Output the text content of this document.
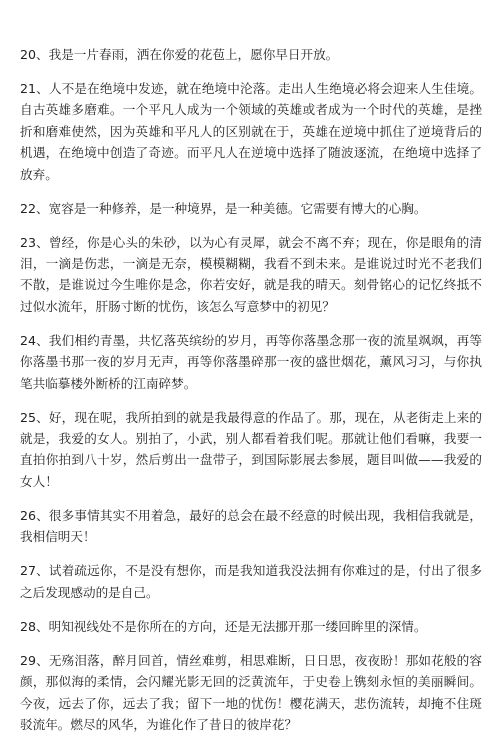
20、我是一片春雨，洒在你爱的花苞上，愿你早日开放。

21、人不是在绝境中发迹，就在绝境中沦落。走出人生绝境必将会迎来人生佳境。自古英雄多磨难。一个平凡人成为一个领域的英雄或者成为一个时代的英雄，是挫折和磨难使然，因为英雄和平凡人的区别就在于，英雄在逆境中抓住了逆境背后的机遇，在绝境中创造了奇迹。而平凡人在逆境中选择了随波逐流，在绝境中选择了放弃。

22、宽容是一种修养，是一种境界，是一种美德。它需要有博大的心胸。

23、曾经，你是心头的朱砂，以为心有灵犀，就会不离不弃；现在，你是眼角的清泪，一滴是伤悲，一滴是无奈，模模糊糊，我看不到未来。是谁说过时光不老我们不散，是谁说过今生唯你是念，你若安好，就是我的晴天。刻骨铭心的记忆终抵不过似水流年，肝肠寸断的忧伤，该怎么写意梦中的初见？

24、我们相约青墨，共忆落英缤纷的岁月，再等你落墨念那一夜的流星飒飒，再等你落墨书那一夜的岁月无声，再等你落墨碎那一夜的盛世烟花，薰风习习，与你执笔共临摹楼外断桥的江南碎梦。

25、好，现在呢，我所拍到的就是我最得意的作品了。那，现在，从老街走上来的就是，我爱的女人。别拍了，小武，别人都看着我们呢。那就让他们看嘛，我要一直拍你拍到八十岁，然后剪出一盘带子，到国际影展去参展，题目叫做——我爱的女人！

26、很多事情其实不用着急，最好的总会在最不经意的时候出现，我相信我就是，我相信明天！

27、试着疏远你，不是没有想你，而是我知道我没法拥有你难过的是，付出了很多之后发现感动的是自己。

28、明知视线处不是你所在的方向，还是无法挪开那一缕回眸里的深情。

29、无殇泪落，醉月回首，情丝难剪，相思难断，日日思，夜夜盼！那如花般的容颜，那似海的柔情，会闪耀光影无回的泛黄流年，于史卷上镌刻永恒的美丽瞬间。今夜，远去了你，远去了我；留下一地的忧伤！樱花满天，悲伤流转，却掩不住斑驳流年。燃尽的风华，为谁化作了昔日的彼岸花？
